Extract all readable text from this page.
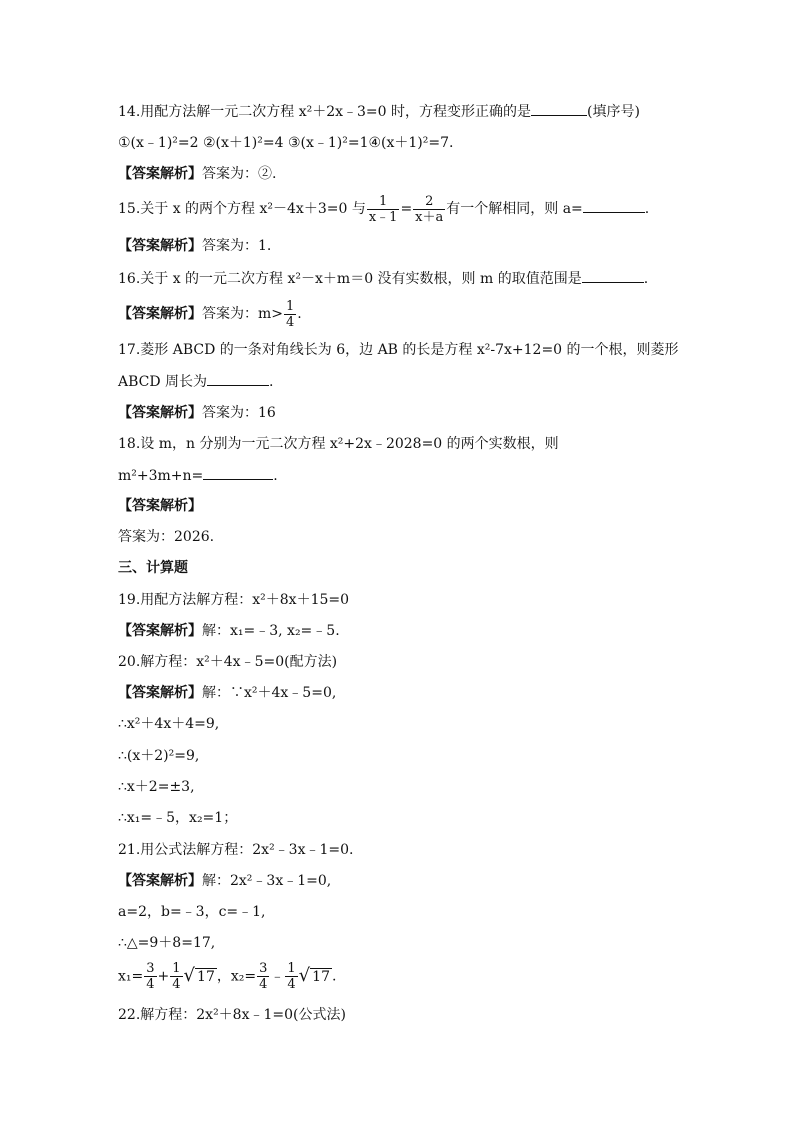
14.用配方法解一元二次方程 x²＋2x﹣3=0 时，方程变形正确的是	(填序号)
①(x﹣1)²=2 ②(x＋1)²=4 ③(x﹣1)²=1④(x＋1)²=7.
【答案解析】答案为：②.
15.关于 x 的两个方程 x²－4x＋3=0 与 $\frac{1}{x﹣1} = \frac{2}{x+a}$ 有一个解相同，则 a=	.
【答案解析】答案为：1.
16.关于 x 的一元二次方程 x²－x＋m＝0 没有实数根，则 m 的取值范围是	.
【答案解析】答案为：$m> \frac{1}{4}$ .
17.菱形 ABCD 的一条对角线长为 6，边 AB 的长是方程 x²-7x+12=0 的一个根，则菱形
ABCD 周长为	.
【答案解析】答案为：16
18.设 m，n 分别为一元二次方程 x²+2x﹣2028=0 的两个实数根，则
m²+3m+n=	.
【答案解析】
答案为：2026.
三、计算题
19.用配方法解方程：x²＋8x＋15=0
【答案解析】解：x₁=﹣3, x₂=﹣5.
20.解方程：x²＋4x﹣5=0(配方法)
【答案解析】解：∵x²＋4x﹣5=0,
∴x²＋4x＋4=9,
∴(x＋2)²=9,
∴x＋2=±3,
∴x₁=﹣5，x₂=1；
21.用公式法解方程：2x²﹣3x﹣1=0.
【答案解析】解：2x²﹣3x﹣1=0,
a=2，b=﹣3，c=﹣1,
∴△=9＋8=17,
$x_1= \frac{3}{4} + \frac{1}{4}$ √ 17 ，$x_2= \frac{3}{4}$ ﹣ $\frac{1}{4}$ √ 17 .
22.解方程：2x²＋8x﹣1=0(公式法)
